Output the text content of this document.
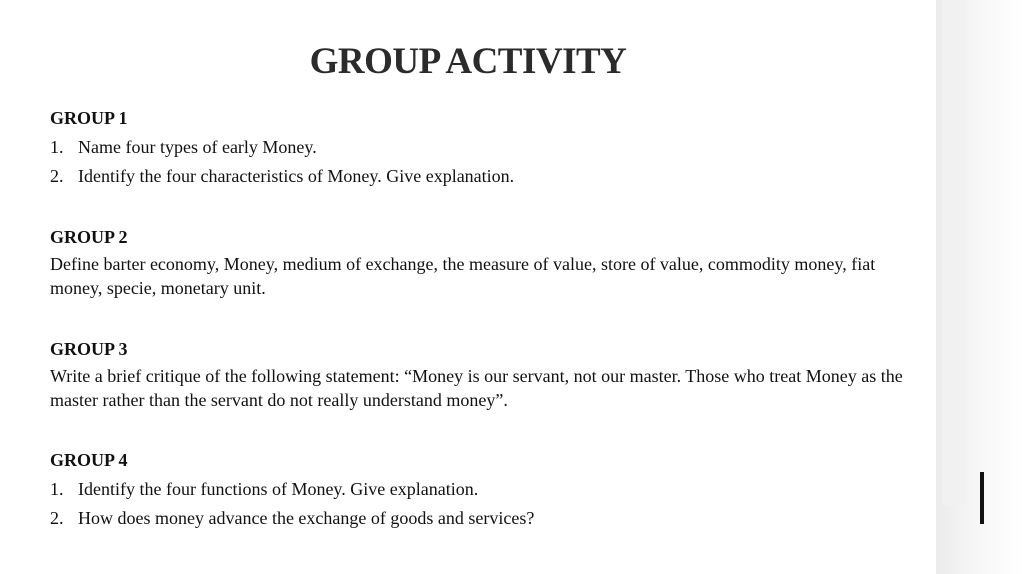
GROUP ACTIVITY

GROUP 1

1. Name four types of early Money.
2. Identify the four characteristics of Money. Give explanation.

GROUP 2

Define barter economy, Money, medium of exchange, the measure of value, store of value, commodity money, fiat money, specie, monetary unit.

GROUP 3

Write a brief critique of the following statement: “Money is our servant, not our master. Those who treat Money as the master rather than the servant do not really understand money”.

GROUP 4

1. Identify the four functions of Money. Give explanation.
2. How does money advance the exchange of goods and services?
